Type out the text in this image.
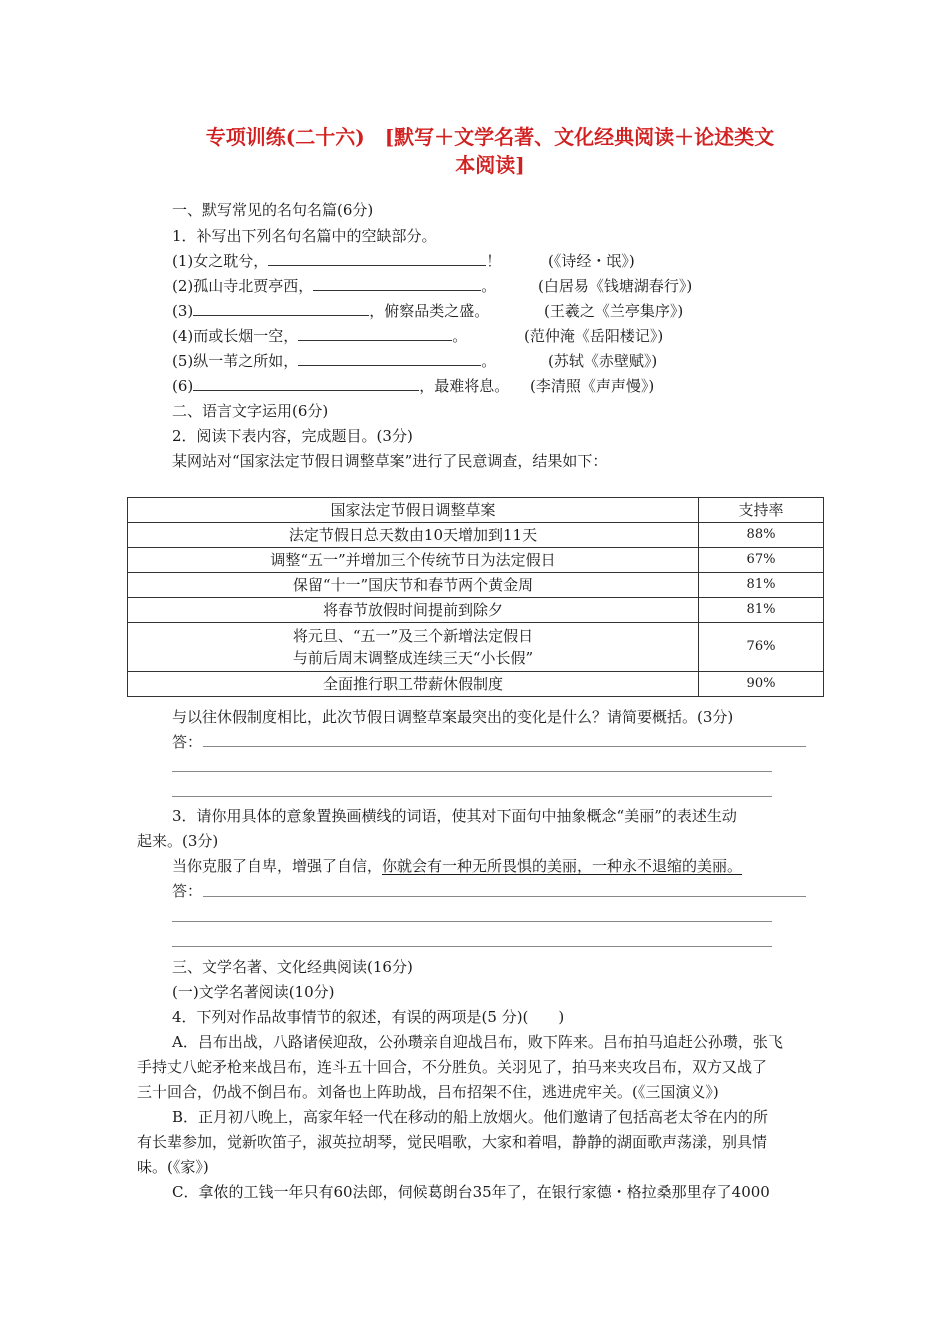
专项训练(二十六)　[默写＋文学名著、文化经典阅读＋论述类文
本阅读]
一、默写常见的名句名篇(6分)
1．补写出下列名句名篇中的空缺部分。
(1)女之耽兮，	！	(《诗经・氓》)
(2)孤山寺北贾亭西，	。	(白居易《钱塘湖春行》)
(3)	，俯察品类之盛。	(王羲之《兰亭集序》)
(4)而或长烟一空，	。	(范仲淹《岳阳楼记》)
(5)纵一苇之所如，	。	(苏轼《赤壁赋》)
(6)	，最难将息。 (李清照《声声慢》)
二、语言文字运用(6分)
2．阅读下表内容，完成题目。(3分)
某网站对“国家法定节假日调整草案”进行了民意调查，结果如下：
国家法定节假日调整草案	支持率
法定节假日总天数由10天增加到11天	88%
调整“五一”并增加三个传统节日为法定假日	67%
保留“十一”国庆节和春节两个黄金周	81%
将春节放假时间提前到除夕	81%

将元旦、“五一”及三个新增法定假日
与前后周末调整成连续三天“小长假”	76%
全面推行职工带薪休假制度	90%
与以往休假制度相比，此次节假日调整草案最突出的变化是什么？请简要概括。(3分)
答：
3．请你用具体的意象置换画横线的词语，使其对下面句中抽象概念“美丽”的表述生动
起来。(3分)
当你克服了自卑，增强了自信，你就会有一种无所畏惧的美丽，一种永不退缩的美丽。
答：
三、文学名著、文化经典阅读(16分)
(一)文学名著阅读(10分)
4．下列对作品故事情节的叙述，有误的两项是(5 分)(　　)
A．吕布出战，八路诸侯迎敌，公孙瓒亲自迎战吕布，败下阵来。吕布拍马追赶公孙瓒，张飞
手持丈八蛇矛枪来战吕布，连斗五十回合，不分胜负。关羽见了，拍马来夹攻吕布，双方又战了
三十回合，仍战不倒吕布。刘备也上阵助战，吕布招架不住，逃进虎牢关。(《三国演义》)
B．正月初八晚上，高家年轻一代在移动的船上放烟火。他们邀请了包括高老太爷在内的所
有长辈参加，觉新吹笛子，淑英拉胡琴，觉民唱歌，大家和着唱，静静的湖面歌声荡漾，别具情
味。(《家》)
C．拿侬的工钱一年只有60法郎，伺候葛朗台35年了，在银行家德・格拉桑那里存了4000
